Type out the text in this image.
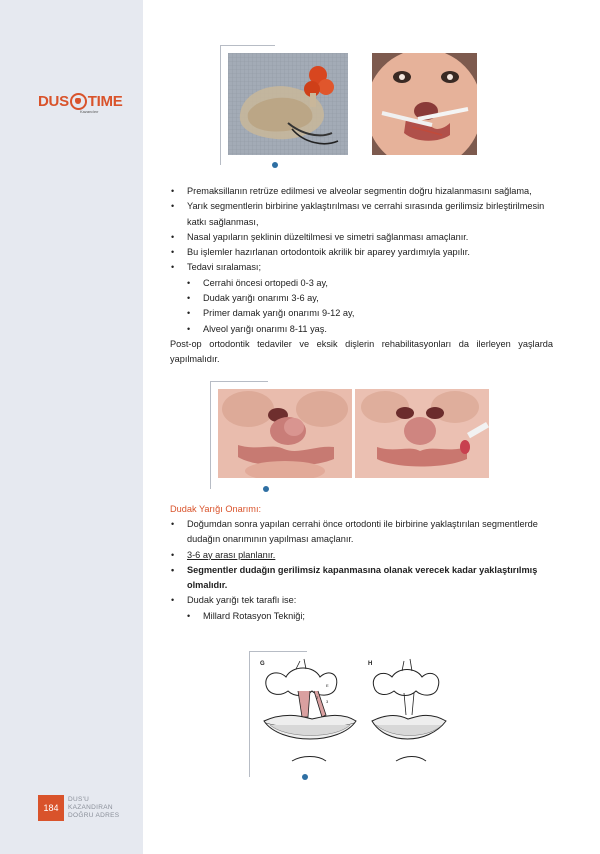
DUS TIME
Kazandırır
184
DUS'U
KAZANDIRAN
DOĞRU ADRES
• Premaksillanın retrüze edilmesi ve alveolar segmentin doğru hizalanmasını sağlama,
• Yarık segmentlerin birbirine yaklaştırılması ve cerrahi sırasında gerilimsiz birleştirilmesin katkı sağlanması,
• Nasal yapıların şeklinin düzeltilmesi ve simetri sağlanması amaçlanır.
• Bu işlemler hazırlanan ortodontoik akrilik bir aparey yardımıyla yapılır.
• Tedavi sıralaması;
• Cerrahi öncesi ortopedi 0-3 ay,
• Dudak yarığı onarımı 3-6 ay,
• Primer damak yarığı onarımı 9-12 ay,
• Alveol yarığı onarımı 8-11 yaş.

Post-op ortodontik tedaviler ve eksik dişlerin rehabilitasyonları da ilerleyen yaşlarda yapılmalıdır.

Dudak Yarığı Onarımı:
• Doğumdan sonra yapılan cerrahi önce ortodonti ile birbirine yaklaştırılan segmentlerde dudağın onarımının yapılması amaçlanır.
• 3-6 ay arası planlanır.
• Segmentler dudağın gerilimsiz kapanmasına olanak verecek kadar yaklaştırılmış olmalıdır.
• Dudak yarığı tek taraflı ise:
• Millard Rotasyon Tekniği;
G	H
E
2
3
